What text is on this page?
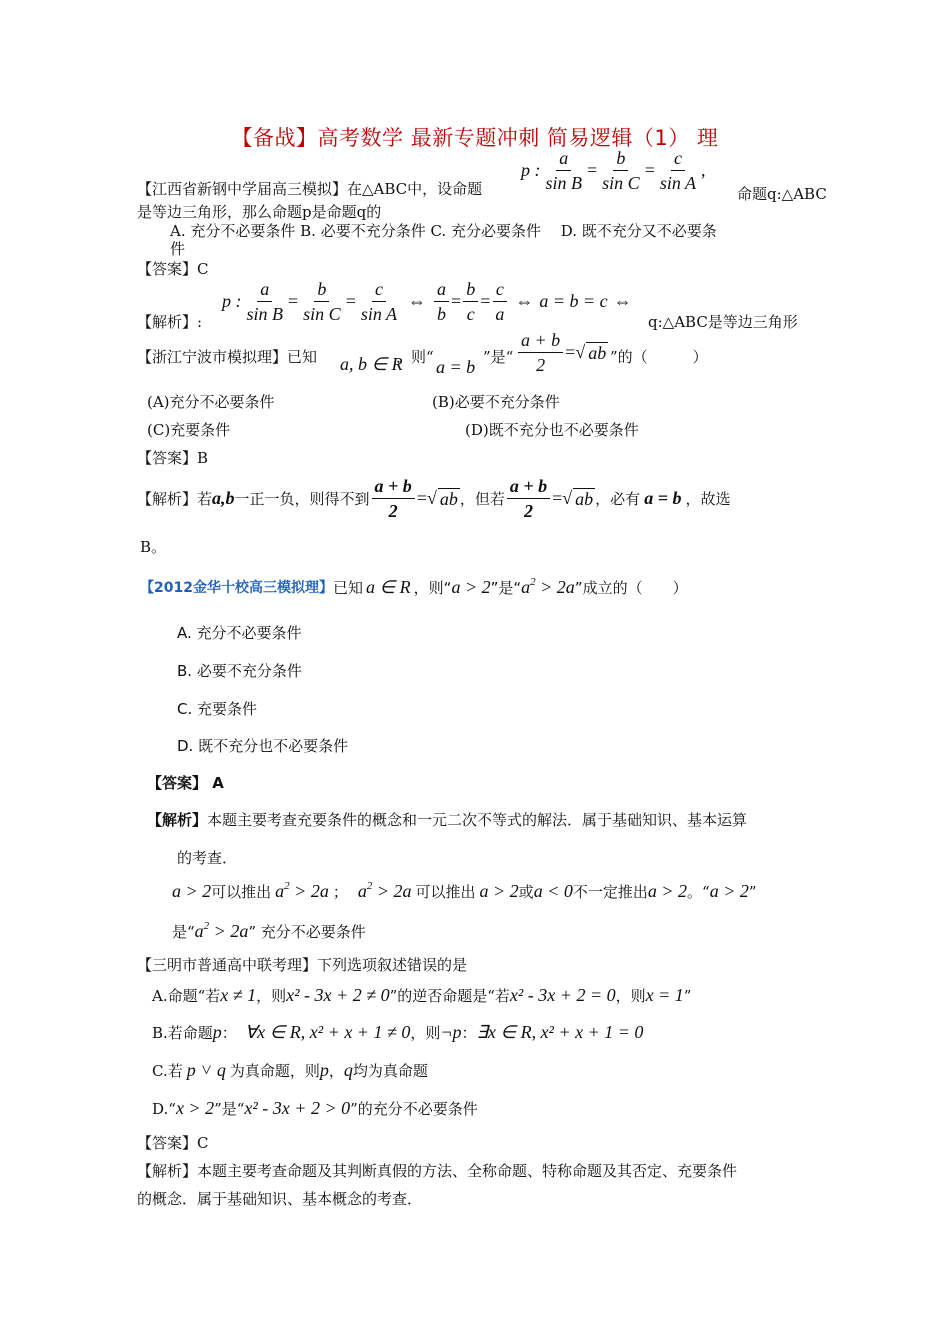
【备战】高考数学 最新专题冲刺 简易逻辑（1） 理
【江西省新钢中学届高三模拟】在△ABC中，设命题
p : $\frac{a}{\text{sin B}} = \frac{b}{\text{sin C}} = \frac{c}{\text{sin A}}$ ,
命题q:△ABC
是等边三角形，那么命题p是命题q的
A. 充分不必要条件 B. 必要不充分条件 C. 充分必要条件　 D. 既不充分又不必要条
件
【答案】C
【解析】:
p : $\frac{a}{\text{sin B}} = \frac{b}{\text{sin C}} = \frac{c}{\text{sin A}}$ ⇔ $\frac{a}{b} = \frac{b}{c} = \frac{c}{a}$ ⇔ a = b = c ⇔
q:△ABC是等边三角形
【浙江宁波市模拟理】已知 a, b ∈ R
，则“ a = b ”是“ $\frac{a + b}{2}$ = √ ab ”的（　　　）
(A)充分不必要条件	(B)必要不充分条件
(C)充要条件	(D)既不充分也不必要条件
【答案】B
【解析】若 a,b 一正一负，则得不到 $\frac{a + b}{2}$ = √ ab ，但若 $\frac{a + b}{2}$ = √ ab ，必有 a = b ，故选
B。
【2012金华十校高三模拟理】 已知 a ∈ R ，则“ a > 2 ”是“ $a^2 > 2a$ ”成立的（　　）
A. 充分不必要条件
B. 必要不充分条件
C. 充要条件
D. 既不充分也不必要条件
【答案】 A
【解析】本题主要考查充要条件的概念和一元二次不等式的解法．属于基础知识、基本运算
的考查．
a > 2 可以推出 $a^2 > 2a$ ； $a^2 > 2a$ 可以推出 a > 2 或 a < 0 不一定推出 a > 2 。“ a > 2 ”
是“ $a^2 > 2a$ ” 充分不必要条件
【三明市普通高中联考理】下列选项叙述错误的是
A.命题“若 x ≠ 1 ，则 x² - 3x + 2 ≠ 0 ”的逆否命题是“若 x² - 3x + 2 = 0 ，则 x = 1 ”
B.若命题 p ： ∀x ∈ R, x² + x + 1 ≠ 0 ，则 ¬p ： ∃x ∈ R, x² + x + 1 = 0
C.若 p ˅ q 为真命题，则 p ， q 均为真命题
D.“ x > 2 ”是“ x² - 3x + 2 > 0 ”的充分不必要条件
【答案】C
【解析】本题主要考查命题及其判断真假的方法、全称命题、特称命题及其否定、充要条件
的概念．属于基础知识、基本概念的考查．
